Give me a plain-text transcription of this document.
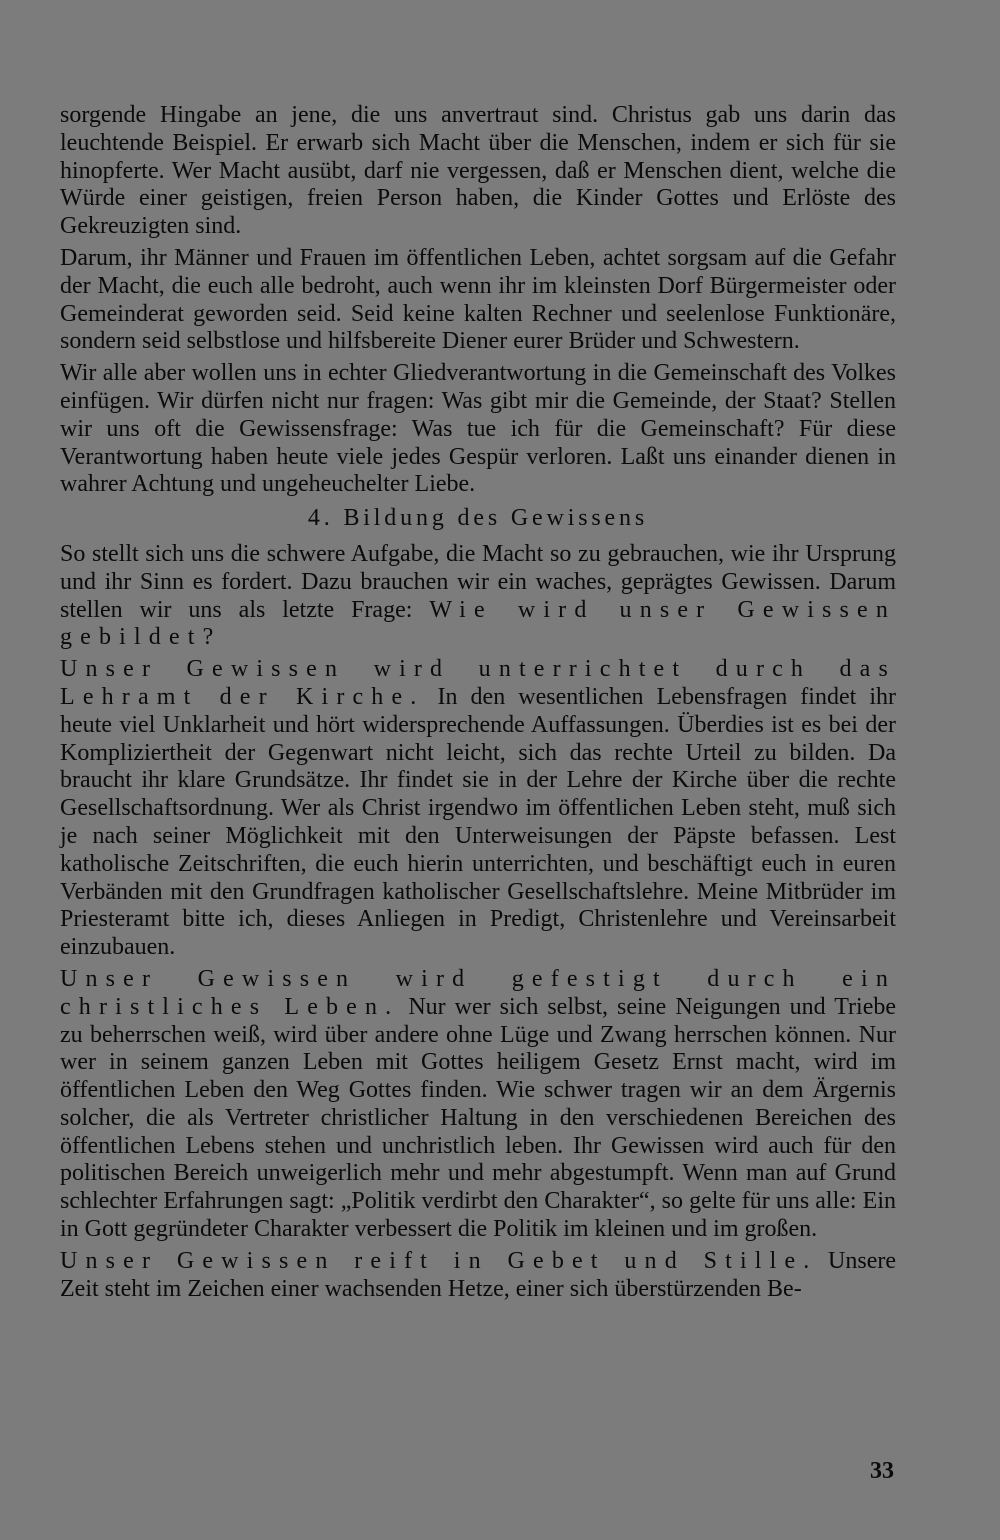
sorgende Hingabe an jene, die uns anvertraut sind. Christus gab uns darin das leuchtende Beispiel. Er erwarb sich Macht über die Menschen, indem er sich für sie hinopferte. Wer Macht ausübt, darf nie vergessen, daß er Menschen dient, welche die Würde einer geistigen, freien Person haben, die Kinder Gottes und Erlöste des Gekreuzigten sind.

Darum, ihr Männer und Frauen im öffentlichen Leben, achtet sorgsam auf die Gefahr der Macht, die euch alle bedroht, auch wenn ihr im kleinsten Dorf Bürgermeister oder Gemeinderat geworden seid. Seid keine kalten Rechner und seelenlose Funktionäre, sondern seid selbstlose und hilfsbereite Diener eurer Brüder und Schwestern.

Wir alle aber wollen uns in echter Gliedverantwortung in die Gemeinschaft des Volkes einfügen. Wir dürfen nicht nur fragen: Was gibt mir die Gemeinde, der Staat? Stellen wir uns oft die Gewissensfrage: Was tue ich für die Gemeinschaft? Für diese Verantwortung haben heute viele jedes Gespür verloren. Laßt uns einander dienen in wahrer Achtung und ungeheuchelter Liebe.

4. Bildung des Gewissens

So stellt sich uns die schwere Aufgabe, die Macht so zu gebrauchen, wie ihr Ursprung und ihr Sinn es fordert. Dazu brauchen wir ein waches, geprägtes Gewissen. Darum stellen wir uns als letzte Frage: Wie wird unser Gewissen gebildet?

Unser Gewissen wird unterrichtet durch das Lehramt der Kirche. In den wesentlichen Lebensfragen findet ihr heute viel Unklarheit und hört widersprechende Auffassungen. Überdies ist es bei der Kompliziertheit der Gegenwart nicht leicht, sich das rechte Urteil zu bilden. Da braucht ihr klare Grundsätze. Ihr findet sie in der Lehre der Kirche über die rechte Gesellschaftsordnung. Wer als Christ irgendwo im öffentlichen Leben steht, muß sich je nach seiner Möglichkeit mit den Unterweisungen der Päpste befassen. Lest katholische Zeitschriften, die euch hierin unterrichten, und beschäftigt euch in euren Verbänden mit den Grundfragen katholischer Gesellschaftslehre. Meine Mitbrüder im Priesteramt bitte ich, dieses Anliegen in Predigt, Christenlehre und Vereinsarbeit einzubauen.

Unser Gewissen wird gefestigt durch ein christliches Leben. Nur wer sich selbst, seine Neigungen und Triebe zu beherrschen weiß, wird über andere ohne Lüge und Zwang herrschen können. Nur wer in seinem ganzen Leben mit Gottes heiligem Gesetz Ernst macht, wird im öffentlichen Leben den Weg Gottes finden. Wie schwer tragen wir an dem Ärgernis solcher, die als Vertreter christlicher Haltung in den verschiedenen Bereichen des öffentlichen Lebens stehen und unchristlich leben. Ihr Gewissen wird auch für den politischen Bereich unweigerlich mehr und mehr abgestumpft. Wenn man auf Grund schlechter Erfahrungen sagt: „Politik verdirbt den Charakter“, so gelte für uns alle: Ein in Gott gegründeter Charakter verbessert die Politik im kleinen und im großen.

Unser Gewissen reift in Gebet und Stille. Unsere Zeit steht im Zeichen einer wachsenden Hetze, einer sich überstürzenden Be-

33
